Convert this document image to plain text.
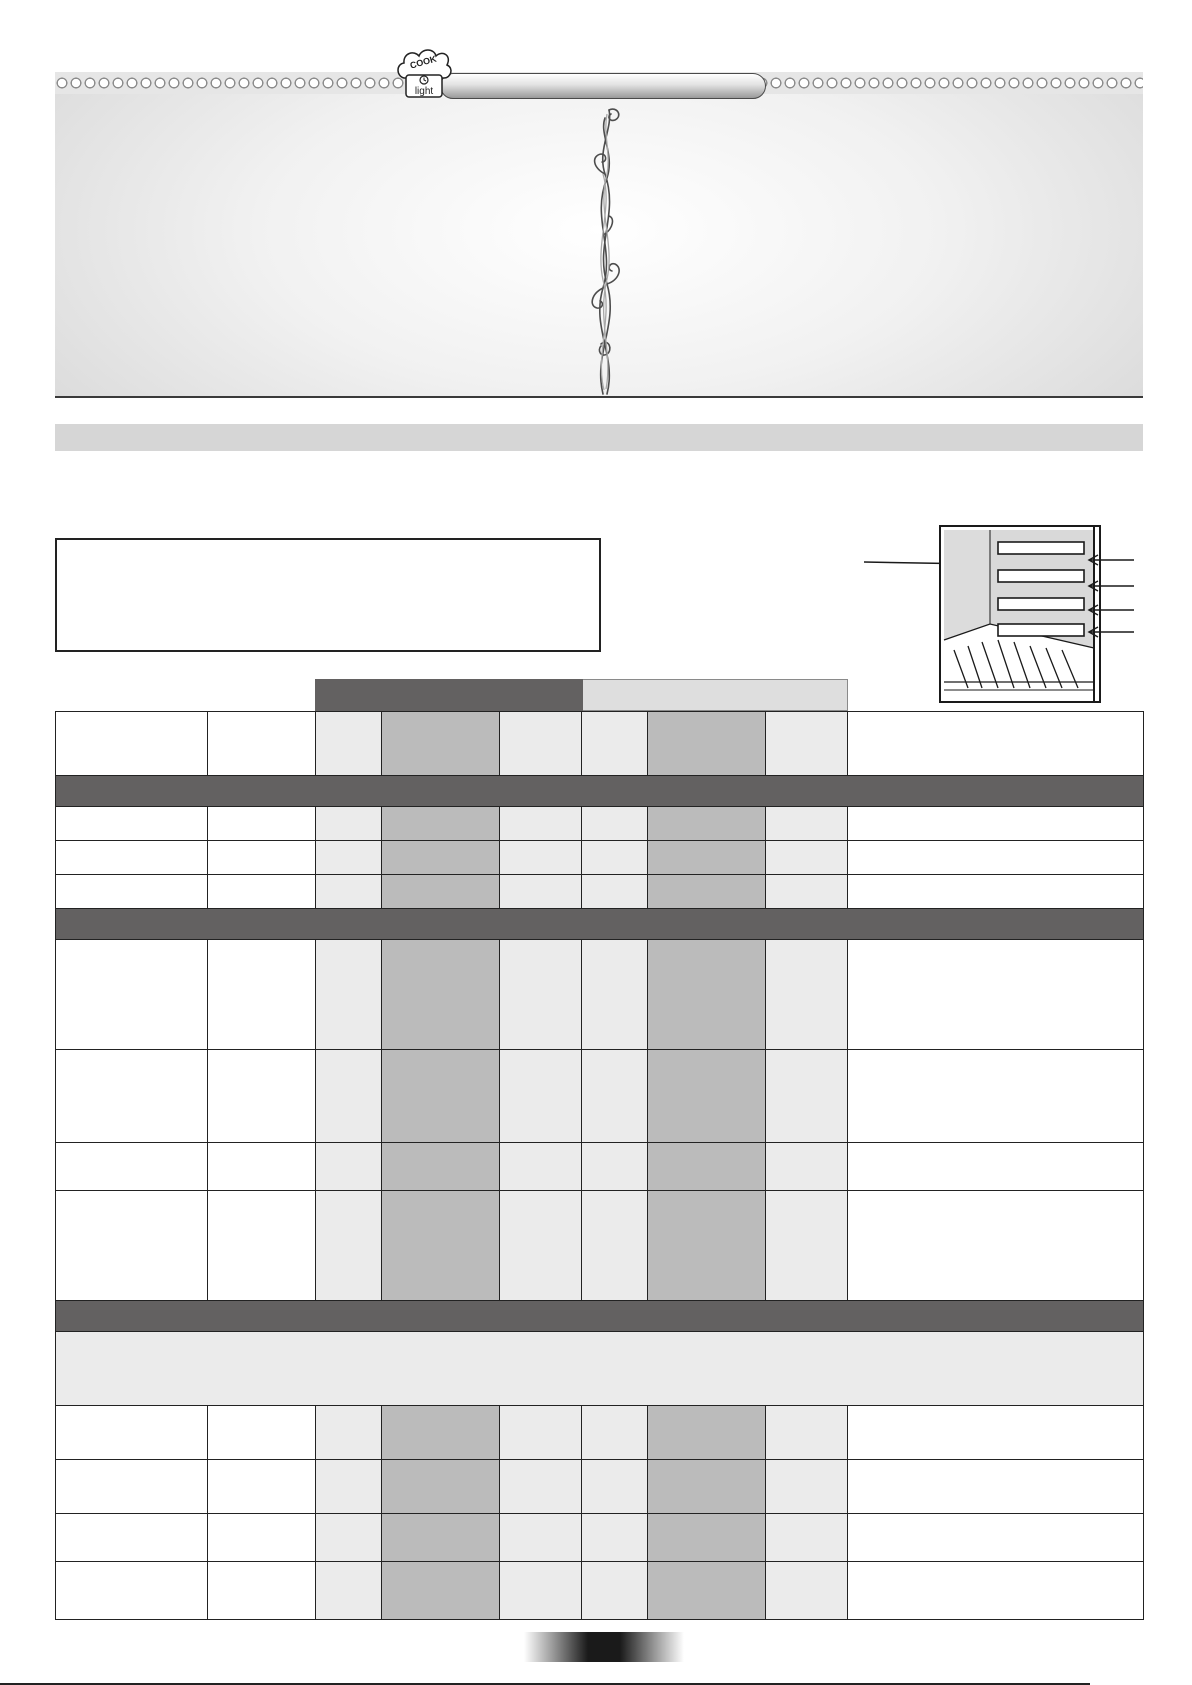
COOK
light
